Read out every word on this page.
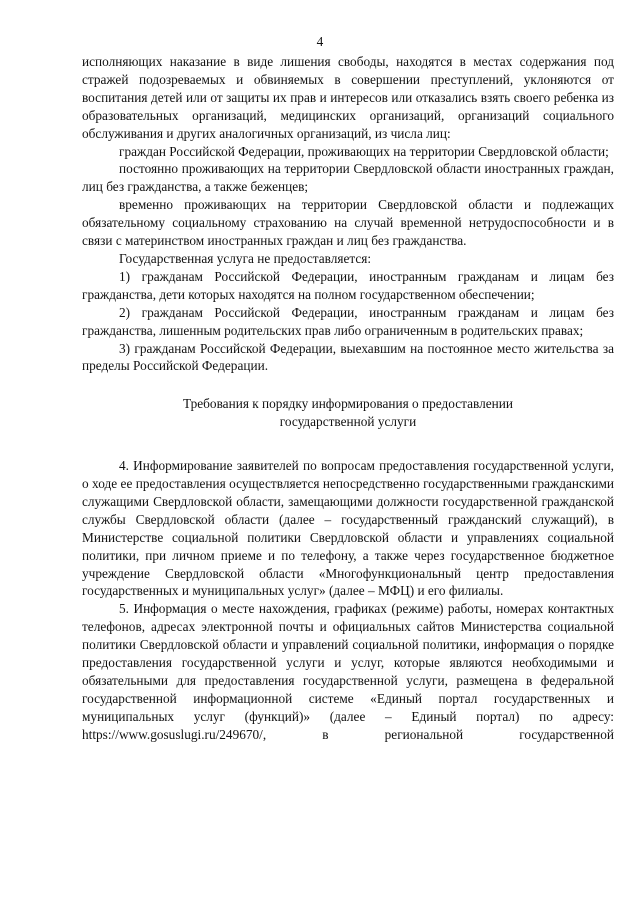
4

исполняющих наказание в виде лишения свободы, находятся в местах содержания под стражей подозреваемых и обвиняемых в совершении преступлений, уклоняются от воспитания детей или от защиты их прав и интересов или отказались взять своего ребенка из образовательных организаций, медицинских организаций, организаций социального обслуживания и других аналогичных организаций, из числа лиц:

граждан Российской Федерации, проживающих на территории Свердловской области;

постоянно проживающих на территории Свердловской области иностранных граждан, лиц без гражданства, а также беженцев;

временно проживающих на территории Свердловской области и подлежащих обязательному социальному страхованию на случай временной нетрудоспособности и в связи с материнством иностранных граждан и лиц без гражданства.

Государственная услуга не предоставляется:

1) гражданам Российской Федерации, иностранным гражданам и лицам без гражданства, дети которых находятся на полном государственном обеспечении;

2) гражданам Российской Федерации, иностранным гражданам и лицам без гражданства, лишенным родительских прав либо ограниченным в родительских правах;

3) гражданам Российской Федерации, выехавшим на постоянное место жительства за пределы Российской Федерации.

Требования к порядку информирования о предоставлении

государственной услуги

4. Информирование заявителей по вопросам предоставления государственной услуги, о ходе ее предоставления осуществляется непосредственно государственными гражданскими служащими Свердловской области, замещающими должности государственной гражданской службы Свердловской области (далее – государственный гражданский служащий), в Министерстве социальной политики Свердловской области и управлениях социальной политики, при личном приеме и по телефону, а также через государственное бюджетное учреждение Свердловской области «Многофункциональный центр предоставления государственных и муниципальных услуг» (далее – МФЦ) и его филиалы.

5. Информация о месте нахождения, графиках (режиме) работы, номерах контактных телефонов, адресах электронной почты и официальных сайтов Министерства социальной политики Свердловской области и управлений социальной политики, информация о порядке предоставления государственной услуги и услуг, которые являются необходимыми и обязательными для предоставления государственной услуги, размещена в федеральной государственной информационной системе «Единый портал государственных и муниципальных услуг (функций)» (далее – Единый портал) по адресу: https://www.gosuslugi.ru/249670/, в региональной государственной
